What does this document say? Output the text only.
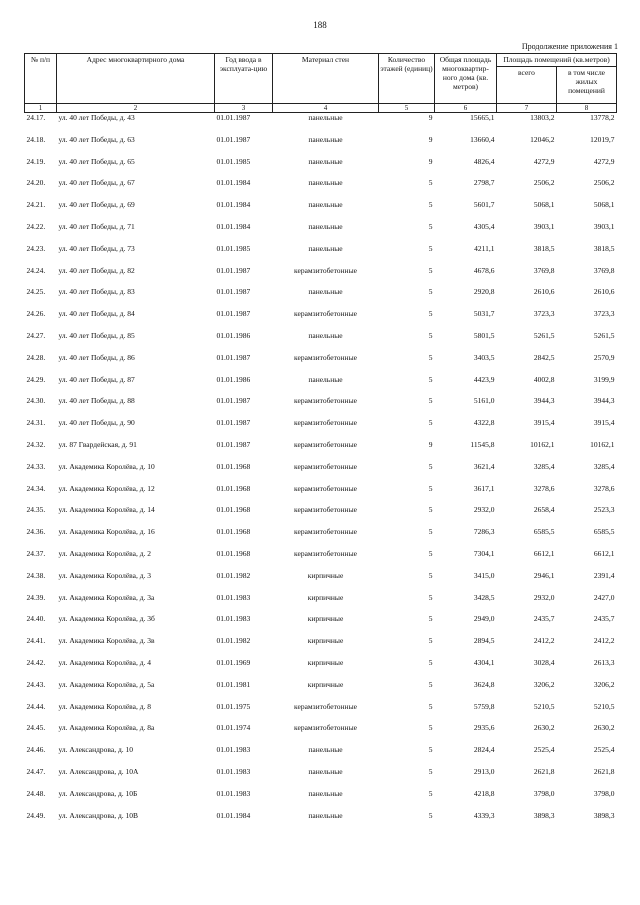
188
Продолжение приложения 1
№ п/п	Адрес многоквартирного дома	Год ввода в эксплуата-цию	Материал стен	Количество этажей (единиц)	Общая площадь многоквартир-ного дома (кв. метров)	Площадь помещений (кв.метров)	
						всего	в том числе жилых помещений
1	2	3	4	5	6	7	8
24.17.	ул. 40 лет Победы, д. 43	01.01.1987	панельные	9	15665,1	13803,2	13778,2
24.18.	ул. 40 лет Победы, д. 63	01.01.1987	панельные	9	13660,4	12046,2	12019,7
24.19.	ул. 40 лет Победы, д. 65	01.01.1985	панельные	9	4826,4	4272,9	4272,9
24.20.	ул. 40 лет Победы, д. 67	01.01.1984	панельные	5	2798,7	2506,2	2506,2
24.21.	ул. 40 лет Победы, д. 69	01.01.1984	панельные	5	5601,7	5068,1	5068,1
24.22.	ул. 40 лет Победы, д. 71	01.01.1984	панельные	5	4305,4	3903,1	3903,1
24.23.	ул. 40 лет Победы, д. 73	01.01.1985	панельные	5	4211,1	3818,5	3818,5
24.24.	ул. 40 лет Победы, д. 82	01.01.1987	керамзитобетонные	5	4678,6	3769,8	3769,8
24.25.	ул. 40 лет Победы, д. 83	01.01.1987	панельные	5	2920,8	2610,6	2610,6
24.26.	ул. 40 лет Победы, д. 84	01.01.1987	керамзитобетонные	5	5031,7	3723,3	3723,3
24.27.	ул. 40 лет Победы, д. 85	01.01.1986	панельные	5	5801,5	5261,5	5261,5
24.28.	ул. 40 лет Победы, д. 86	01.01.1987	керамзитобетонные	5	3403,5	2842,5	2570,9
24.29.	ул. 40 лет Победы, д. 87	01.01.1986	панельные	5	4423,9	4002,8	3199,9
24.30.	ул. 40 лет Победы, д. 88	01.01.1987	керамзитобетонные	5	5161,0	3944,3	3944,3
24.31.	ул. 40 лет Победы, д. 90	01.01.1987	керамзитобетонные	5	4322,8	3915,4	3915,4
24.32.	ул. 87 Гвардейская, д. 91	01.01.1987	керамзитобетонные	9	11545,8	10162,1	10162,1
24.33.	ул. Академика Королёва, д. 10	01.01.1968	керамзитобетонные	5	3621,4	3285,4	3285,4
24.34.	ул. Академика Королёва, д. 12	01.01.1968	керамзитобетонные	5	3617,1	3278,6	3278,6
24.35.	ул. Академика Королёва, д. 14	01.01.1968	керамзитобетонные	5	2932,0	2658,4	2523,3
24.36.	ул. Академика Королёва, д. 16	01.01.1968	керамзитобетонные	5	7286,3	6585,5	6585,5
24.37.	ул. Академика Королёва, д. 2	01.01.1968	керамзитобетонные	5	7304,1	6612,1	6612,1
24.38.	ул. Академика Королёва, д. 3	01.01.1982	кирпичные	5	3415,0	2946,1	2391,4
24.39.	ул. Академика Королёва, д. 3а	01.01.1983	кирпичные	5	3428,5	2932,0	2427,0
24.40.	ул. Академика Королёва, д. 3б	01.01.1983	кирпичные	5	2949,0	2435,7	2435,7
24.41.	ул. Академика Королёва, д. 3в	01.01.1982	кирпичные	5	2894,5	2412,2	2412,2
24.42.	ул. Академика Королёва, д. 4	01.01.1969	кирпичные	5	4304,1	3028,4	2613,3
24.43.	ул. Академика Королёва, д. 5а	01.01.1981	кирпичные	5	3624,8	3206,2	3206,2
24.44.	ул. Академика Королёва, д. 8	01.01.1975	керамзитобетонные	5	5759,8	5210,5	5210,5
24.45.	ул. Академика Королёва, д. 8а	01.01.1974	керамзитобетонные	5	2935,6	2630,2	2630,2
24.46.	ул. Александрова, д. 10	01.01.1983	панельные	5	2824,4	2525,4	2525,4
24.47.	ул. Александрова, д. 10А	01.01.1983	панельные	5	2913,0	2621,8	2621,8
24.48.	ул. Александрова, д. 10Б	01.01.1983	панельные	5	4218,8	3798,0	3798,0
24.49.	ул. Александрова, д. 10В	01.01.1984	панельные	5	4339,3	3898,3	3898,3
